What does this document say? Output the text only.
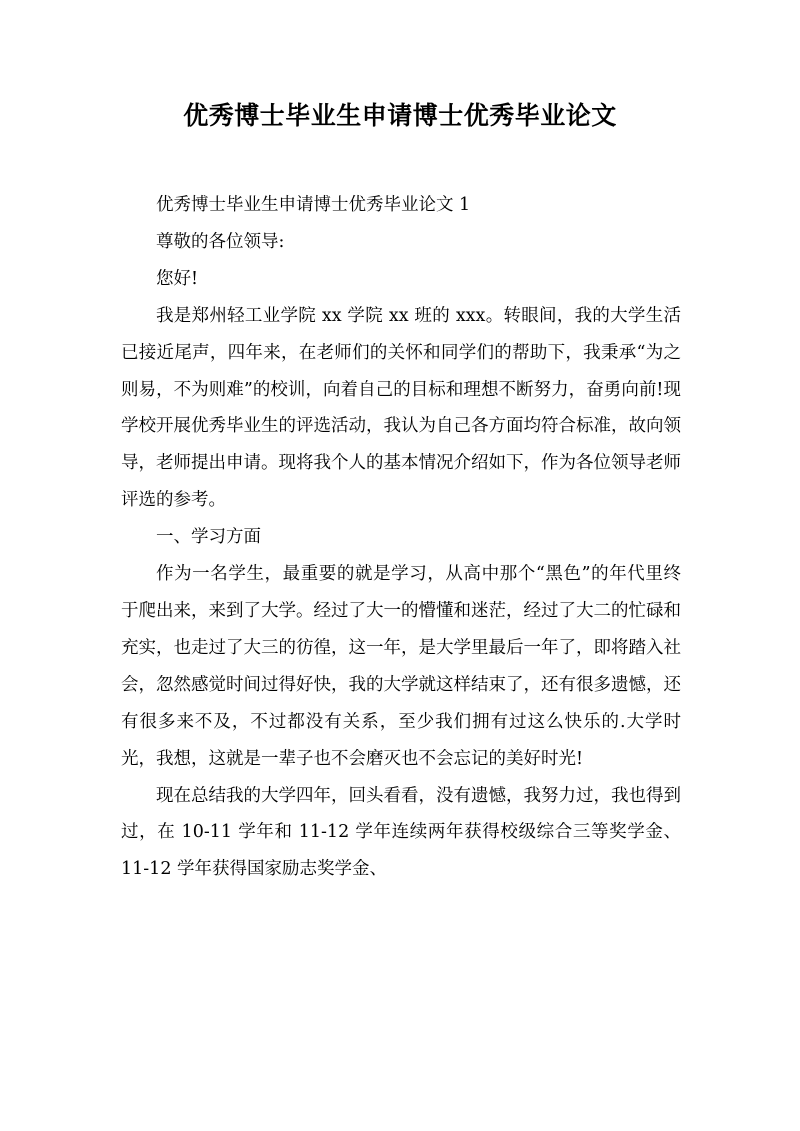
优秀博士毕业生申请博士优秀毕业论文

优秀博士毕业生申请博士优秀毕业论文 1

尊敬的各位领导:

您好!

我是郑州轻工业学院 xx 学院 xx 班的 xxx。转眼间，我的大学生活已接近尾声，四年来，在老师们的关怀和同学们的帮助下，我秉承“为之则易，不为则难”的校训，向着自己的目标和理想不断努力，奋勇向前!现学校开展优秀毕业生的评选活动，我认为自己各方面均符合标准，故向领导，老师提出申请。现将我个人的基本情况介绍如下，作为各位领导老师评选的参考。

一、学习方面

作为一名学生，最重要的就是学习，从高中那个“黑色”的年代里终于爬出来，来到了大学。经过了大一的懵懂和迷茫，经过了大二的忙碌和充实，也走过了大三的彷徨，这一年，是大学里最后一年了，即将踏入社会，忽然感觉时间过得好快，我的大学就这样结束了，还有很多遗憾，还有很多来不及，不过都没有关系，至少我们拥有过这么快乐的.大学时光，我想，这就是一辈子也不会磨灭也不会忘记的美好时光!

现在总结我的大学四年，回头看看，没有遗憾，我努力过，我也得到过，在 10-11 学年和 11-12 学年连续两年获得校级综合三等奖学金、11-12 学年获得国家励志奖学金、
